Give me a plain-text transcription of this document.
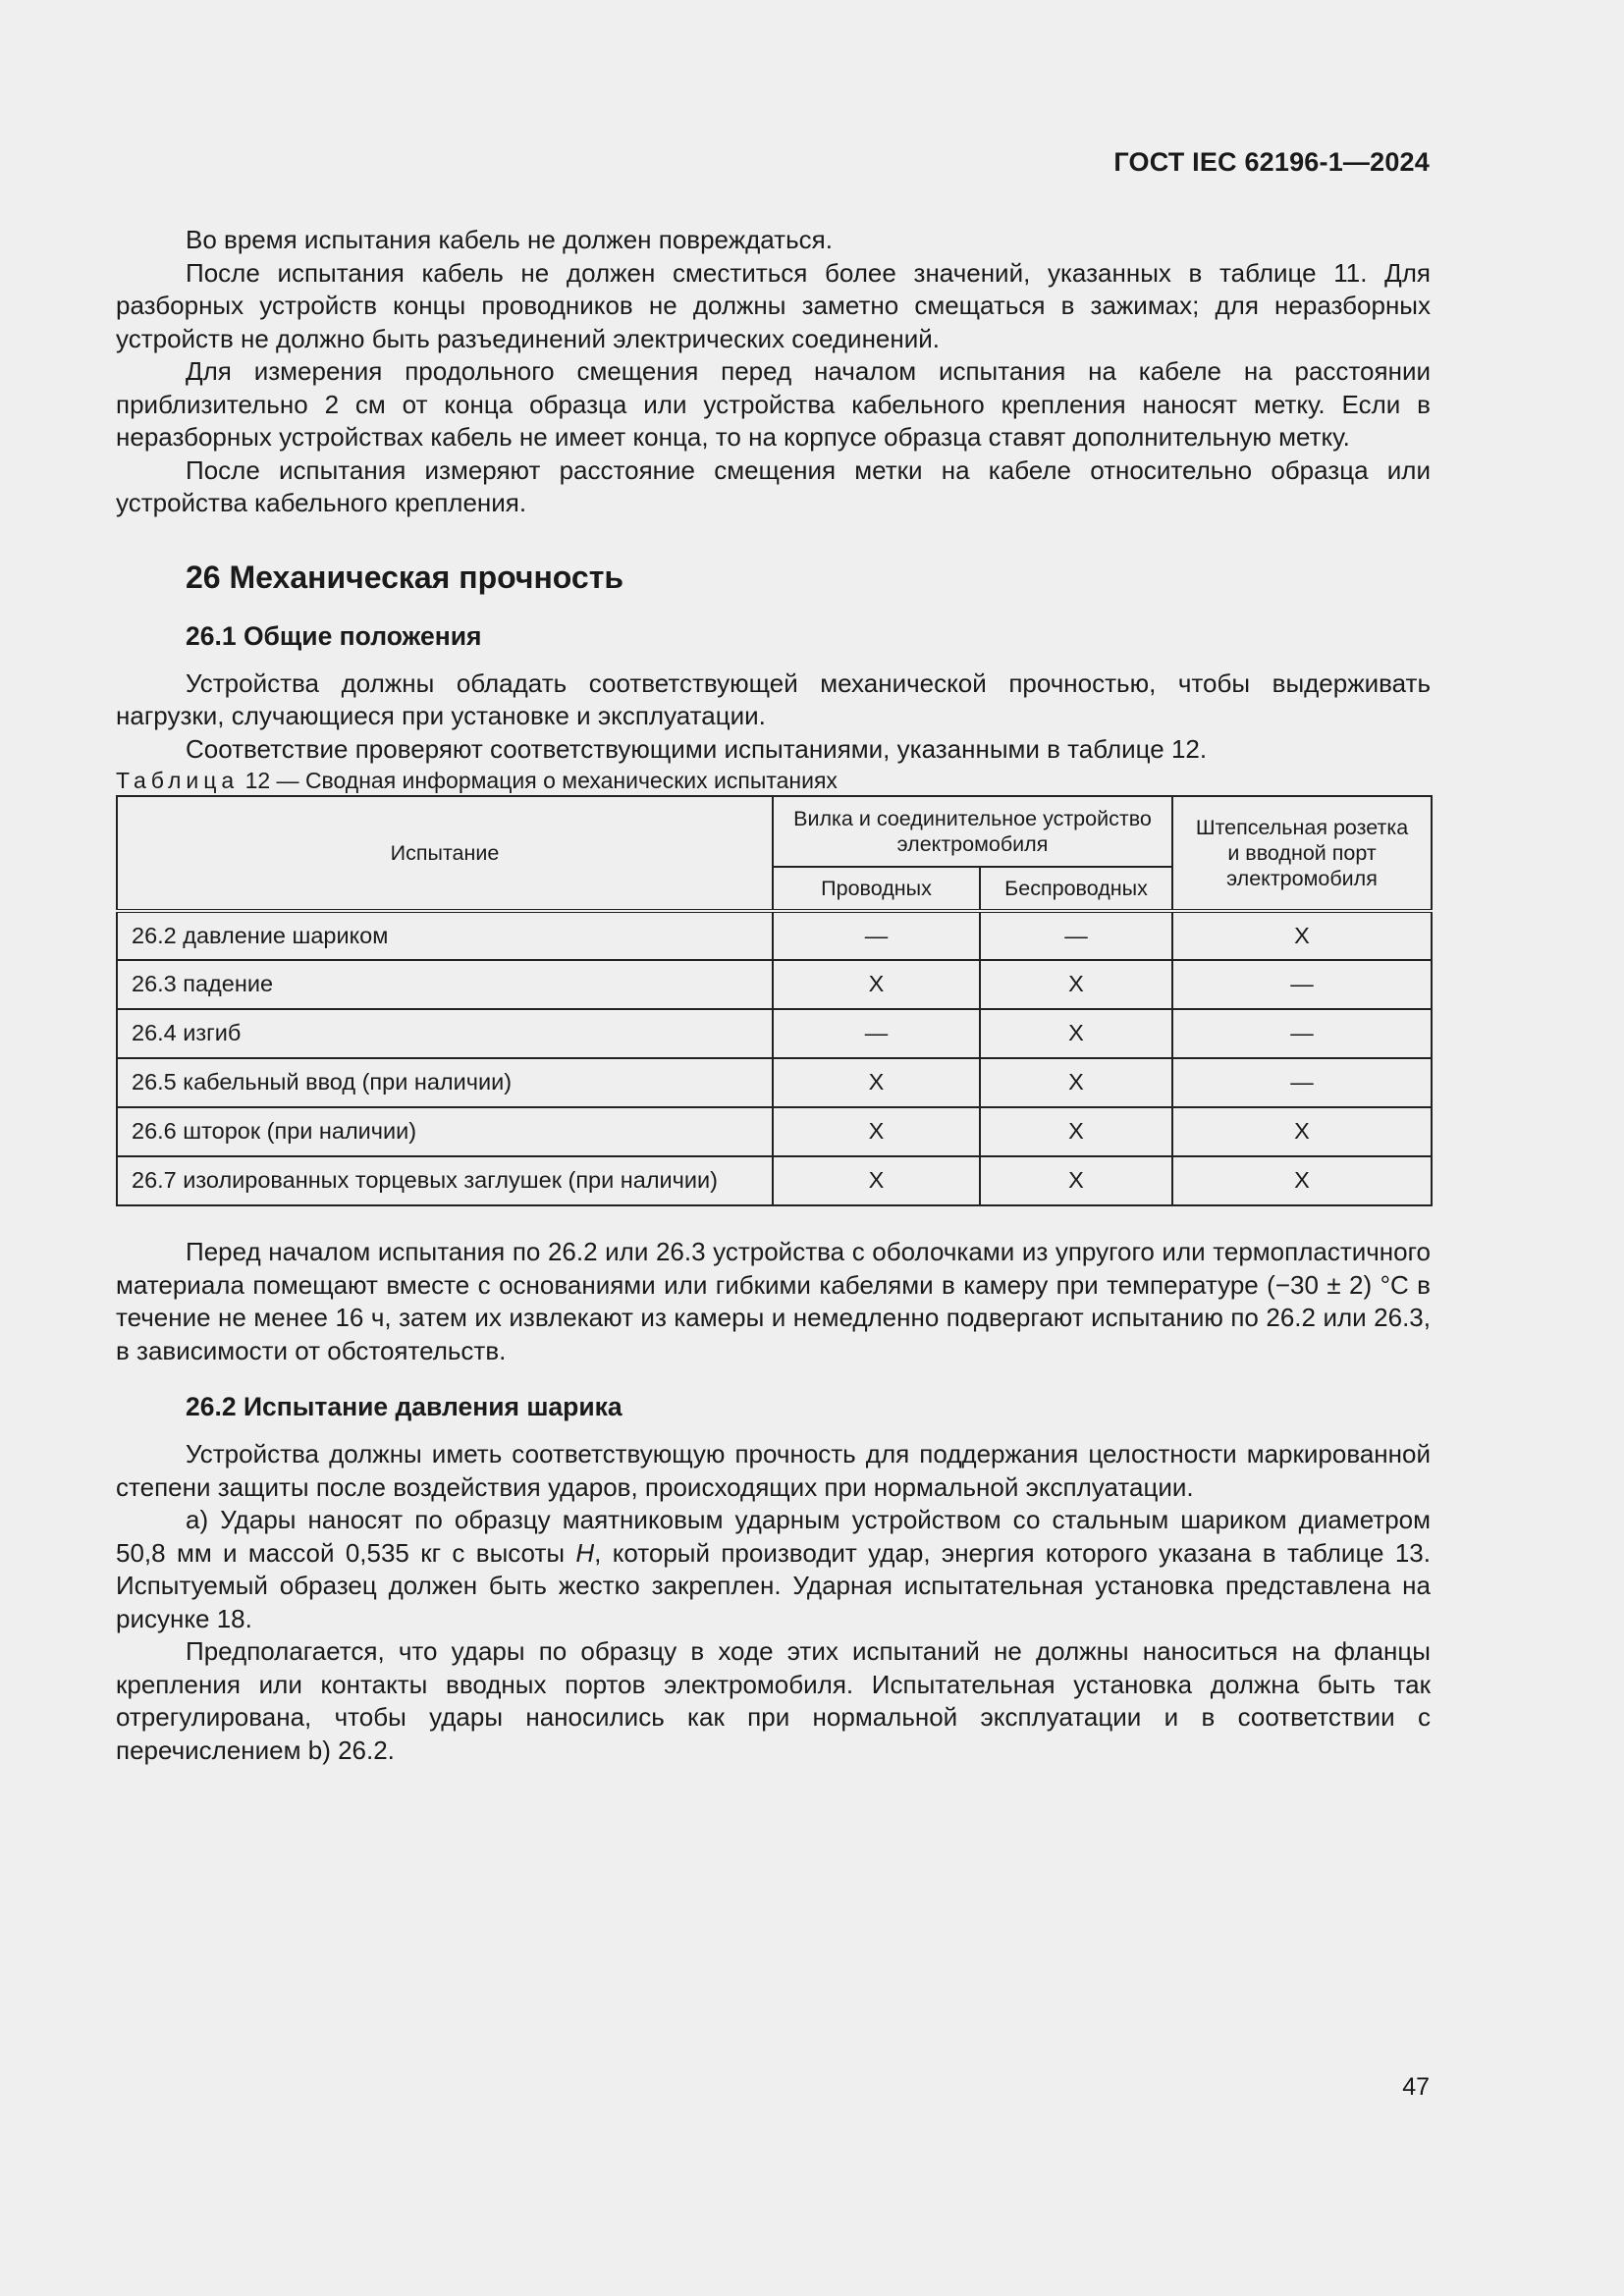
ГОСТ IEC 62196-1—2024

Во время испытания кабель не должен повреждаться.

После испытания кабель не должен сместиться более значений, указанных в таблице 11. Для разборных устройств концы проводников не должны заметно смещаться в зажимах; для неразборных устройств не должно быть разъединений электрических соединений.

Для измерения продольного смещения перед началом испытания на кабеле на расстоянии приблизительно 2 см от конца образца или устройства кабельного крепления наносят метку. Если в неразборных устройствах кабель не имеет конца, то на корпусе образца ставят дополнительную метку.

После испытания измеряют расстояние смещения метки на кабеле относительно образца или устройства кабельного крепления.

26 Механическая прочность
26.1 Общие положения

Устройства должны обладать соответствующей механической прочностью, чтобы выдерживать нагрузки, случающиеся при установке и эксплуатации.

Соответствие проверяют соответствующими испытаниями, указанными в таблице 12.

Таблица 12 — Сводная информация о механических испытаниях

Испытание	Вилка и соединительное устройство электромобиля		Штепсельная розетка и вводной порт электромобиля
	Проводных	Беспроводных	
26.2 давление шариком	—	—	Х
26.3 падение	Х	Х	—
26.4 изгиб	—	Х	—
26.5 кабельный ввод (при наличии)	Х	Х	—
26.6 шторок (при наличии)	Х	Х	Х
26.7 изолированных торцевых заглушек (при наличии)	Х	Х	Х

Перед началом испытания по 26.2 или 26.3 устройства с оболочками из упругого или термопластичного материала помещают вместе с основаниями или гибкими кабелями в камеру при температуре (−30 ± 2) °С в течение не менее 16 ч, затем их извлекают из камеры и немедленно подвергают испытанию по 26.2 или 26.3, в зависимости от обстоятельств.

26.2 Испытание давления шарика

Устройства должны иметь соответствующую прочность для поддержания целостности маркированной степени защиты после воздействия ударов, происходящих при нормальной эксплуатации.

a) Удары наносят по образцу маятниковым ударным устройством со стальным шариком диаметром 50,8 мм и массой 0,535 кг с высоты H, который производит удар, энергия которого указана в таблице 13. Испытуемый образец должен быть жестко закреплен. Ударная испытательная установка представлена на рисунке 18.

Предполагается, что удары по образцу в ходе этих испытаний не должны наноситься на фланцы крепления или контакты вводных портов электромобиля. Испытательная установка должна быть так отрегулирована, чтобы удары наносились как при нормальной эксплуатации и в соответствии с перечислением b) 26.2.

47
